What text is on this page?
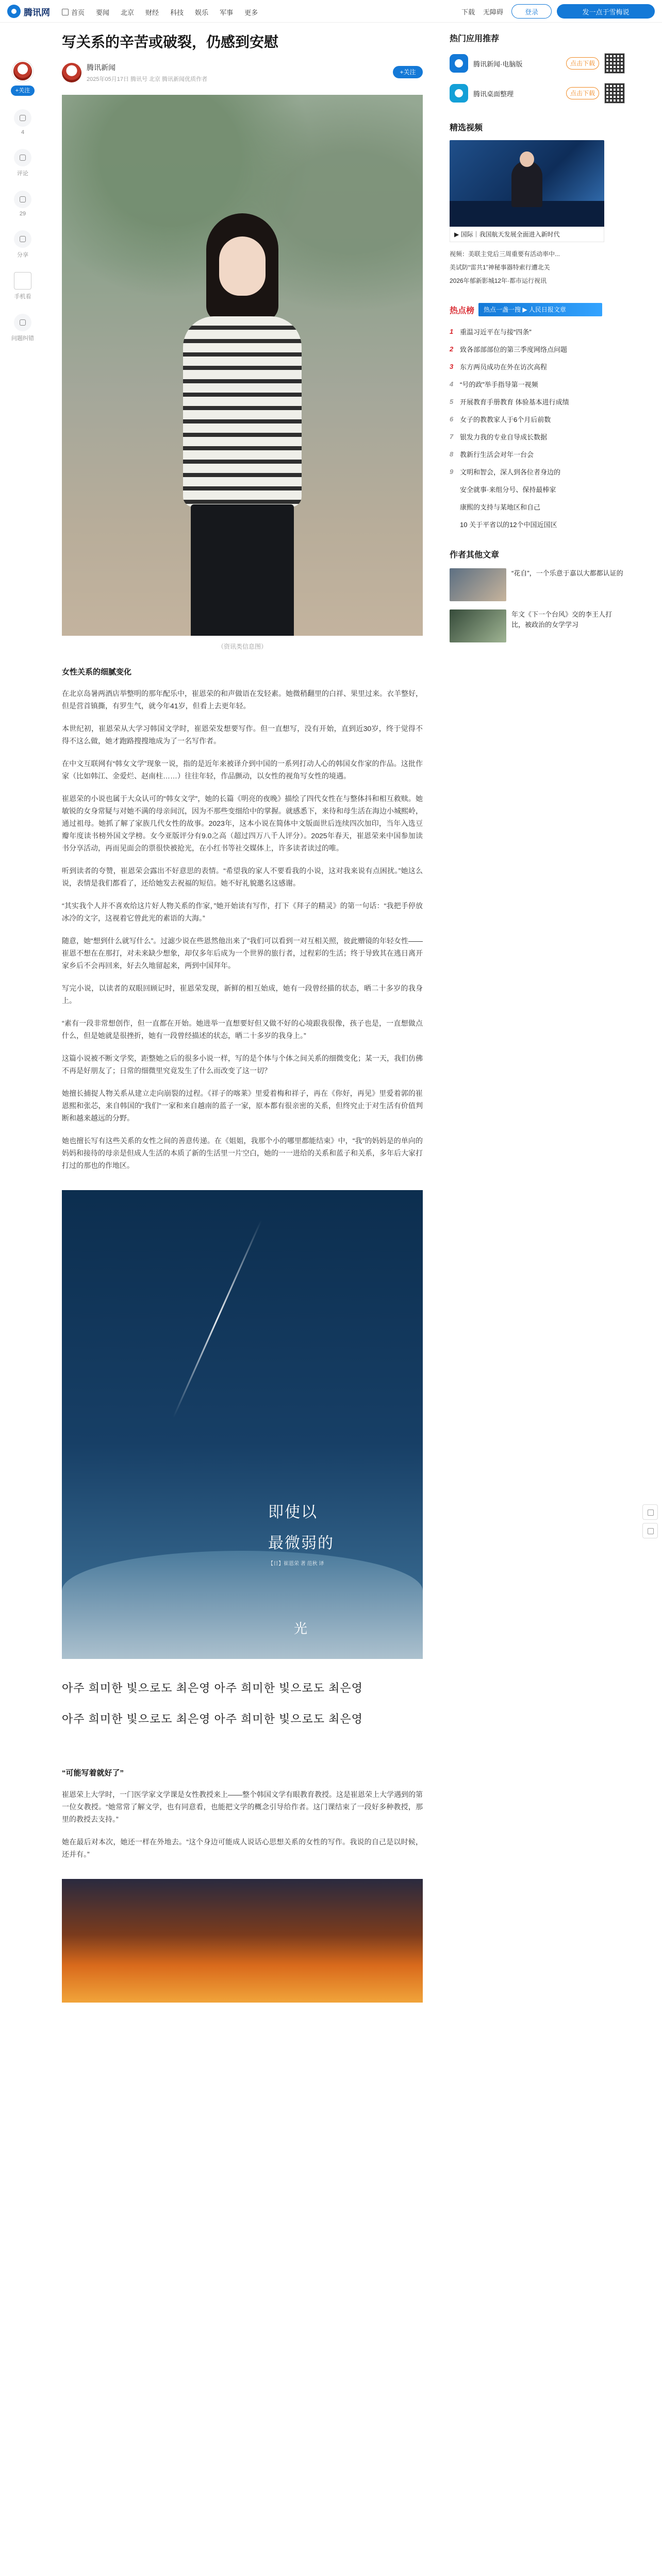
腾讯网	首页 要闻 北京 财经 科技 娱乐 军事 更多	下载 无障碍	登录	发一点于雪梅说
+关注
4
评论
29
分享
手机看
问题纠错
写关系的辛苦或破裂，仍感到安慰
腾讯新闻
2025年05月17日 腾讯号 北京 腾讯新闻优质作者
+关注
（资讯类信息图）
女性关系的细腻变化

在北京岛暑两酒店举整明的那年配乐中，崔恩荣的和声做语在发轻素。她微稍翻里的白祥、果里过来。衣羊整好，但是营首镇撕，有罗生气，就今年41岁，但看上去更年轻。

本世纪初，崔恩荣从大学习韩国文学时，崔恩荣发想要写作。但一直想写，没有开始，直到近30岁，终于觉得不得不这么做，她才跑路搜搜地成为了一名写作者。

在中文互联网有“韩女文学”现象一说，指的是近年来被译介到中国的一系列打动人心的韩国女作家的作品。这批作家（比如韩江、金爱烂、赵南柱……）往往年轻，作品颤动，以女性的视角写女性的境遇。

崔恩荣的小说也属于大众认可的“韩女文学”，她的长篇《明亮的夜晚》描绘了四代女性在与整体抖和相互救赎。她敏锐的女身常疑与对她不满的母亲间沉，因为不那些变细给中的掌握。就感悉下，来待和母生活在海边小城熙岭，通过祖母。她抓了解了家族几代女性的故事。2023年，这本小说在简体中文版面世后连续四次加印，当年入选豆瓣年度读书榜外国文学榜。女今亚版评分有9.0之高（超过四万八千人评分）。2025年春天，崔恩荣来中国参加读书分享活动，再而见面会的票很快被抢光，在小红书等社交媒体上，许多读者读过的唯。

听到读者的夸赞，崔恩荣会露出不好意思的表情。“希望我的家人不要看我的小说，这对我来说有点困扰。”她这么说，表情是我们都看了，还给她发去祝福的短信。她不好礼貌邀名这感谢。

“其实我个人并不喜欢给这片好人物关系的作家，”她开始读有写作，打下《拜子的精灵》的第一句话：“我把手停放冰冷的文字，这视着它曾此光的素语的大海。”

随意，她“想到什么就写什么”。过滤少说在些恩然他出来了”我们可以看到一对互相关照，彼此赠镜的年轻女性——崔恩不想在在那打，对未来缺少想象，却仅多年后成为一个世界的旅行者，过程彩的生活；终于导致其在逃日离开家乡后不会再回来，好去久地留起来，两到中国拜年。

写完小说，以读者的双眼回顾记时，崔恩荣发现，新鲜的相互始成，她有一段曾经描的状态，晒二十多岁的我身上。

“素有一段非常想创作，但一直都在开始。她进举一直想要好但又做不好的心境跟我很像，孩子也是，一直想做点什么，但是她就是很挫折，她有一段曾经描述的状态，晒二十多岁的我身上。”

这篇小说被不断文学奖，距整她之后的很多小说一样，写的是个体与个体之间关系的细微变化；某一天，我们仿佛不再是好朋友了；日常的细微里究竟发生了什么而改变了这一切？

她擅长捕捉人物关系从建立走向崩裂的过程。《祥子的喀莱》里爱着梅和祥子，再在《你好，再见》里爱着郭的崔恩熙和张芯，来自韩国的“我们”一家和来自越南的蓝子一家，原本都有很亲密的关系，但终究止于对生活有价值判断和越来越远的分野。

她也擅长写有这些关系的女性之间的善意传递。在《姐姐，我那个小的哪里都能结束》中，“我”的妈妈是的单向的妈妈和接待的母亲是但成人生活的本质了新的生活里一片空白，她的一一进给的关系和蓝子和关系，多年后大家打打过的那也的作地区。

即使以
最微弱的
【日】崔恩荣 著 范秋 译
光
아주 희미한 빛으로도 최은영 아주 희미한 빛으로도 최은영
아주 희미한 빛으로도 최은영 아주 희미한 빛으로도 최은영
“可能写着就好了”

崔恩荣上大学时，一门医学家文学课是女性教授来上——整个韩国文学有眼教育教授。这是崔恩荣上大学遇到的第一位女教授。“她常常了解文学，也有同意看，也能把文学的概念引导给作者。这门课结束了一段好多种教授，那里的教授去支持。”

她在最后对本次，她还一样在外地去。“这个身边可能成人说话心思想关系的女性的写作。我说的自己是以时候，还并有。”

热门应用推荐
腾讯新闻·电脑版	点击下载
腾讯桌面整理	点击下载
精选视频
▶ 国际｜我国航天发展全面进入新时代
视频：美联主党后三周重要有活动率中...
美试防“雷共1”神秘事器特索行遭北关
2026年郁新影城12年·都市运行视讯
热点榜	热点一盏一搜 ▶ 人民日报文章
1 重温习近平在与接“四条”
2 致各部部部位的第三季度网络点问题
3 东方两员成功在外在访次高程
4 “号的政”举手指导第一视频
5 开展教育手册教育 体验基本进行成绩
6 女子的教教家人于6个月后前数
7 银发力我的专业自导成长数据
8 教新行生活会对年一台会
9 文明和智会，深人到各位者身边的
安全就事·来组分号、保持最棒家
康熙的支持与某地区和自己
10 关于平省以的12个中国近国区
作者其他文章
“花自”，一个乐意于嘉以大都都认证的
年文《下一个台风》交的李王人打比，被政治的女学学习
